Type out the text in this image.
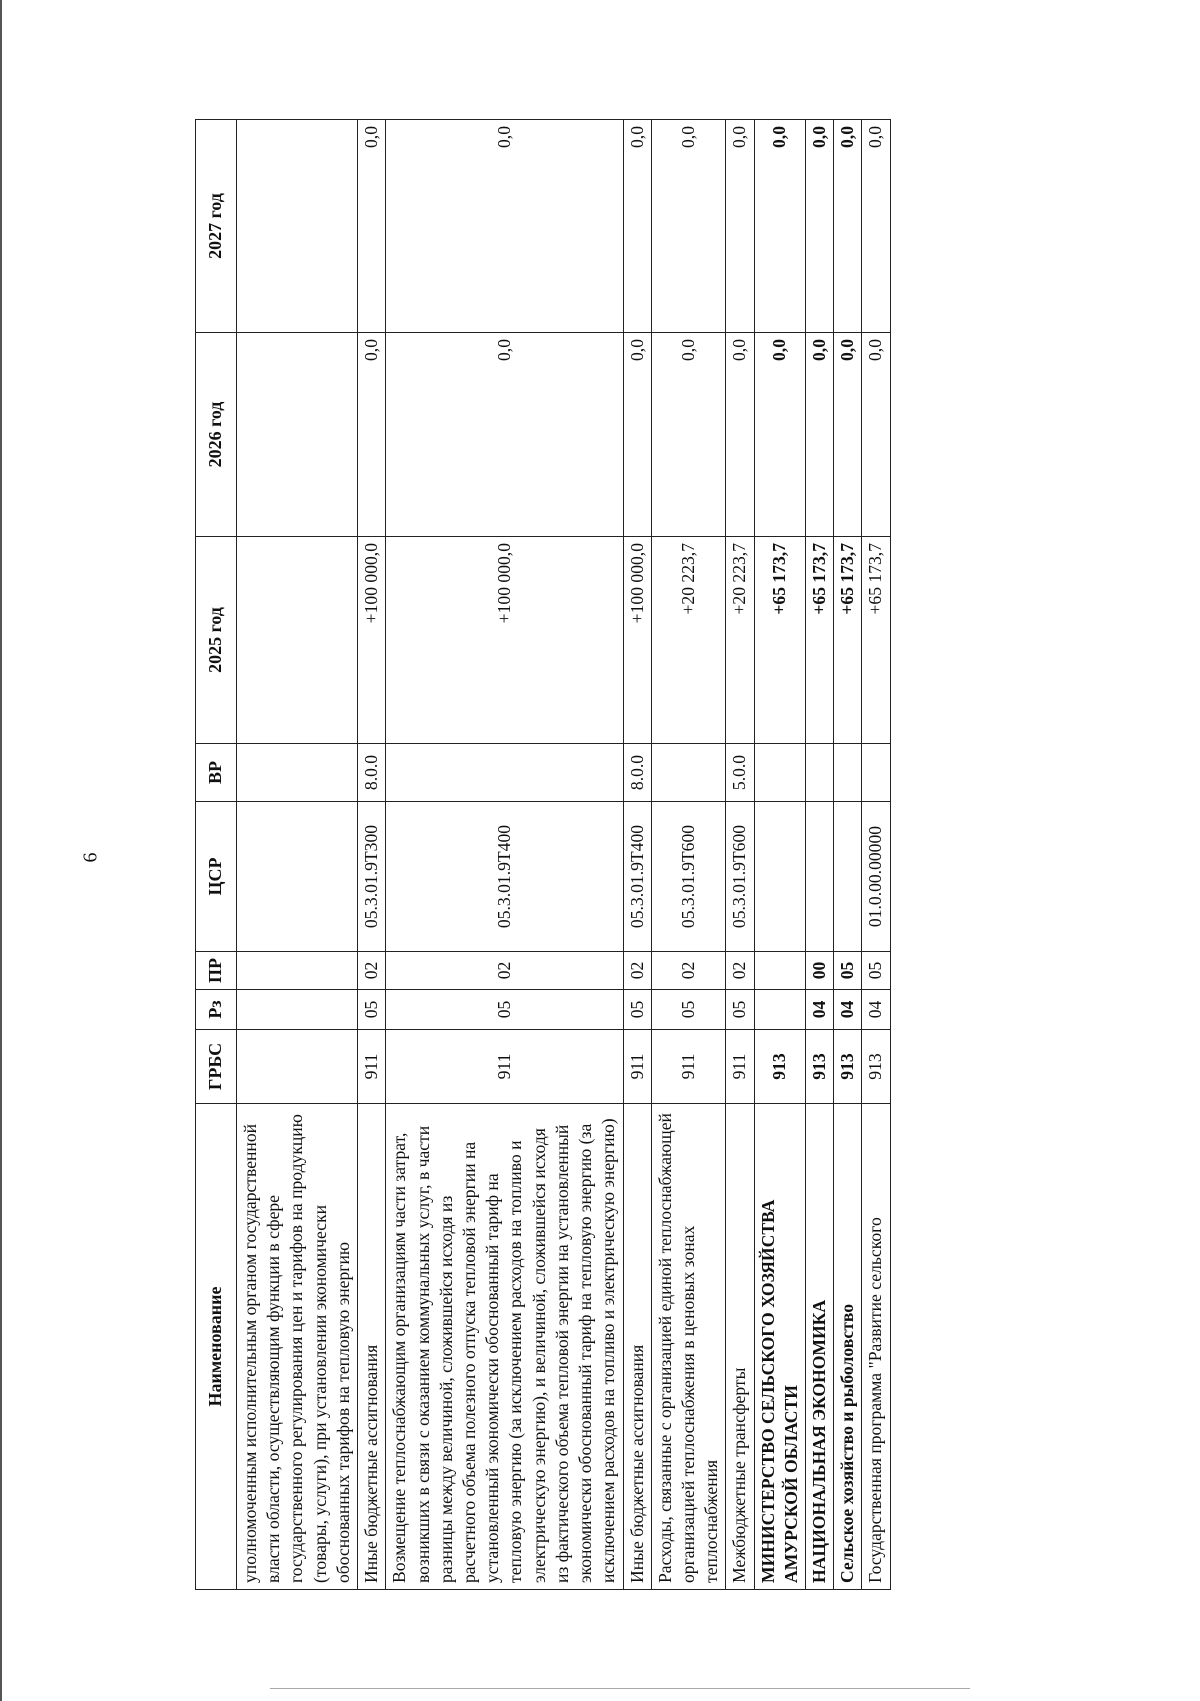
6
Наименование	ГРБС	Рз	ПР	ЦСР	ВР	2025 год	2026 год	2027 год
уполномоченным исполнительным органом государственной власти области, осуществляющим функции в сфере государственного регулирования цен и тарифов на продукцию (товары, услуги), при установлении экономически обоснованных тарифов на тепловую энергию								
Иные бюджетные ассигнования	911	05	02	05.3.01.9Т300	8.0.0	+100 000,0	0,0	0,0
Возмещение теплоснабжающим организациям части затрат, возникших в связи с оказанием коммунальных услуг, в части разницы между величиной, сложившейся исходя из расчетного объема полезного отпуска тепловой энергии на установленный экономически обоснованный тариф на тепловую энергию (за исключением расходов на топливо и электрическую энергию), и величиной, сложившейся исходя из фактического объема тепловой энергии на установленный экономически обоснованный тариф на тепловую энергию (за исключением расходов на топливо и электрическую энергию)	911	05	02	05.3.01.9Т400		+100 000,0	0,0	0,0
Иные бюджетные ассигнования	911	05	02	05.3.01.9Т400	8.0.0	+100 000,0	0,0	0,0
Расходы, связанные с организацией единой теплоснабжающей организацией теплоснабжения в ценовых зонах теплоснабжения	911	05	02	05.3.01.9Т600		+20 223,7	0,0	0,0
Межбюджетные трансферты	911	05	02	05.3.01.9Т600	5.0.0	+20 223,7	0,0	0,0
МИНИСТЕРСТВО СЕЛЬСКОГО ХОЗЯЙСТВА АМУРСКОЙ ОБЛАСТИ	913					+65 173,7	0,0	0,0
НАЦИОНАЛЬНАЯ ЭКОНОМИКА	913	04	00			+65 173,7	0,0	0,0
Сельское хозяйство и рыболовство	913	04	05			+65 173,7	0,0	0,0
Государственная программа "Развитие сельского	913	04	05	01.0.00.00000		+65 173,7	0,0	0,0
